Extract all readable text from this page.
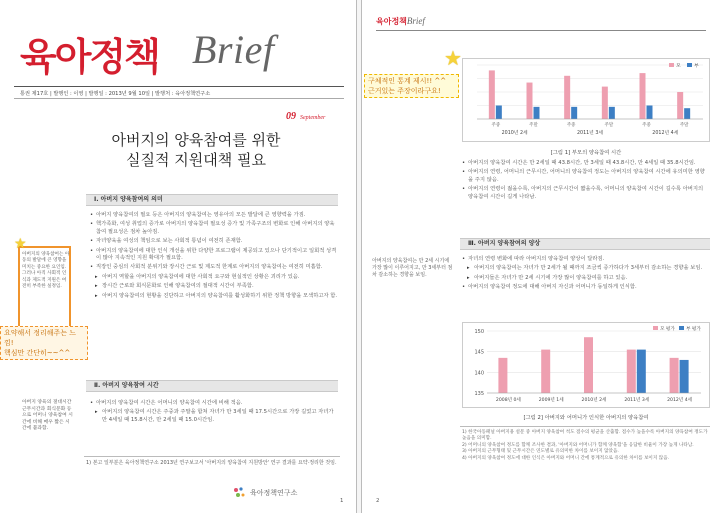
육아정책 Brief
통권 제17호 | 발행인 : 이영 | 발행일 : 2013년 9월 10일 | 발행처 : 육아정책연구소
09 September
아버지의 양육참여를 위한
실질적 지원대책 필요
Ⅰ. 아버지 양육참여의 의미
• 아버지 양육참여의 필요 등은 아버지의 양육참여는 영유아의 모든 발달에 큰 영향력을 가짐.
• 핵가족화, 여성 취업의 증가로 아버지의 양육참여 필요성 증가 및 가족구조의 변화로 인해 아버지의 양육참여 필요성은 점차 높아짐.
• 자녀양육을 여성의 책임으로 보는 사회적 통념이 여전히 존재함.
• 아버지의 양육참여에 대한 인식 개선을 위한 다양한 프로그램이 제공되고 있으나 단기적이고 일회적 성격이 많아 지속적인 지원 확대가 필요함.
• 직장인 중심의 사회적 분위기와 장시간 근로 및 제도적 한계로 아버지의 양육참여는 여전히 미흡함.
▸ 아버지 역할을 아버지의 양육참여에 대한 사회적 요구와 현실적인 상황은 괴리가 있음.
▸ 장시간 근로와 회식문화로 인해 양육참여의 절대적 시간이 부족함.
▸ 아버지 양육참여의 현황을 진단하고 아버지의 양육참여를 활성화하기 위한 정책 방향을 모색하고자 함.
★
아버지의 양육참여는 아동의 발달에 큰 영향을 미치는 중요한 요인임. 그러나 아직 사회적 인식과 제도적 지원은 여전히 부족한 실정임.
요약해서 정리해주는 느낌!
핵심만 간단히~~^^
Ⅱ. 아버지 양육참여 시간
아버지 양육의 절대시간 근무시간과 회식문화 등으로 어머니 양육참여 시간에 비해 매우 짧은 시간에 불과함.
• 아버지의 양육참여 시간은 어머니의 양육참여 시간에 비해 적음.
▸ 아버지의 양육참여 시간은 주중과 주말을 합쳐 자녀가 만 3세일 때 17.5시간으로 가장 길었고 자녀가 만 4세일 때 15.8시간, 만 2세일 때 15.0시간임.
1) 본고 일부분은 육아정책연구소 2013년 연구보고서 '아버지의 양육참여 지원방안' 연구 결과를 요약·정리한 것임.
육아정책연구소
1
육아정책Brief
★
구체적인 통계 제시!! ^^
근거있는 주장이라구요!
주중	주말	주중	주말	주중	주말
2010년 2세	2011년 3세	2012년 4세
모	부
[그림 1] 부모의 양육참여 시간
• 아버지의 양육참여 시간은 만 2세일 때 43.8시간, 만 3세일 때 43.8시간, 만 4세일 때 35.8시간임.
• 아버지의 연령, 어머니의 근무시간, 어머니의 양육참여 정도는 아버지의 양육참여 시간에 유의미한 영향을 주지 않음.
• 아버지의 연령이 젊을수록, 아버지의 근무시간이 짧을수록, 어머니의 양육참여 시간이 길수록 아버지의 양육참여 시간이 길게 나타남.
Ⅲ. 아버지 양육참여의 양상
아버지의 양육참여는 만 2세 시기에 가장 많이 이루어지고, 만 3세부터 점차 감소하는 경향을 보임.
• 자녀의 연령 변화에 따라 아버지의 양육참여 양상이 달라짐.
▸ 아버지의 양육참여는 자녀가 만 2세가 될 때까지 조금씩 증가하다가 3세부터 감소하는 경향을 보임.
▸ 아버지들은 자녀가 만 2세 시기에 가장 많이 양육참여를 하고 있음.
• 아버지의 양육참여 정도에 대해 아버지 자신과 어머니가 동일하게 인식함.
135
140
145
150
2008년 0세	2009년 1세	2010년 2세	2011년 3세	2012년 4세
모 평가 부 평가
[그림 2] 아버지와 어머니가 인식한 아버지의 양육참여
1) 한국아동패널 아버지용 설문 중 아버지 양육참여 척도 점수의 평균을 산출함. 점수가 높을수록 아버지의 양육참여 정도가 높음을 의미함.
2) 어머니의 양육참여 정도를 함께 조사한 결과, '아버지와 어머니가 함께 양육함'을 응답한 비율이 가장 높게 나타남.
3) 아버지의 근무형태 및 근무시간은 연도별로 유의미한 차이를 보이지 않았음.
4) 아버지의 양육참여 정도에 대한 인식은 아버지와 어머니 간에 통계적으로 유의한 차이를 보이지 않음.
2
